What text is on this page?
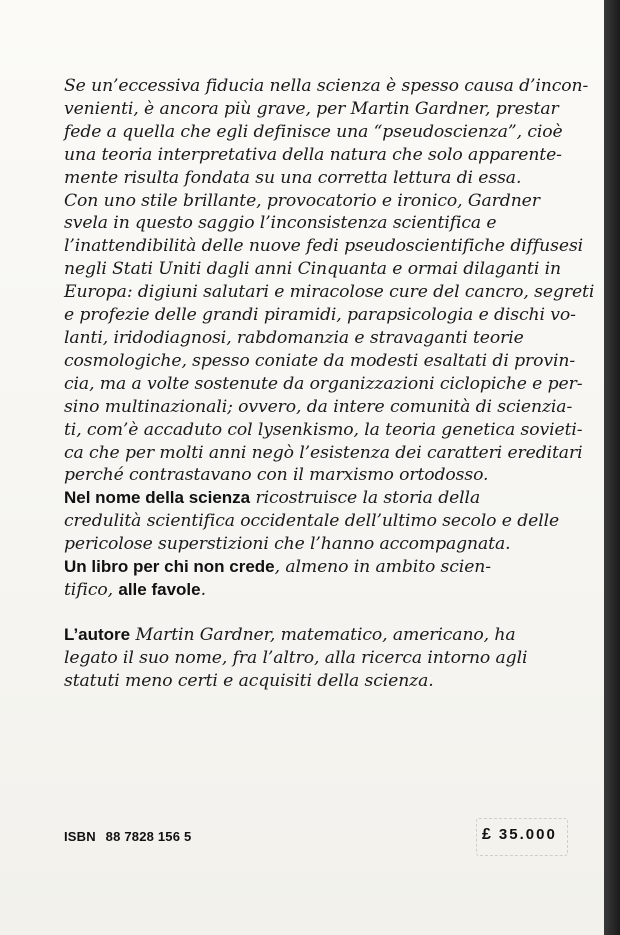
Se un’eccessiva fiducia nella scienza è spesso causa d’incon-
venienti, è ancora più grave, per Martin Gardner, prestar
fede a quella che egli definisce una “pseudoscienza”, cioè
una teoria interpretativa della natura che solo apparente-
mente risulta fondata su una corretta lettura di essa.
Con uno stile brillante, provocatorio e ironico, Gardner
svela in questo saggio l’inconsistenza scientifica e
l’inattendibilità delle nuove fedi pseudoscientifiche diffusesi
negli Stati Uniti dagli anni Cinquanta e ormai dilaganti in
Europa: digiuni salutari e miracolose cure del cancro, segreti
e profezie delle grandi piramidi, parapsicologia e dischi vo-
lanti, iridodiagnosi, rabdomanzia e stravaganti teorie
cosmologiche, spesso coniate da modesti esaltati di provin-
cia, ma a volte sostenute da organizzazioni ciclopiche e per-
sino multinazionali; ovvero, da intere comunità di scienzia-
ti, com’è accaduto col lysenkismo, la teoria genetica sovieti-
ca che per molti anni negò l’esistenza dei caratteri ereditari
perché contrastavano con il marxismo ortodosso.
Nel nome della scienza ricostruisce la storia della
credulità scientifica occidentale dell’ultimo secolo e delle
pericolose superstizioni che l’hanno accompagnata.
Un libro per chi non crede, almeno in ambito scien-
tifico, alle favole.
L’autore Martin Gardner, matematico, americano, ha
legato il suo nome, fra l’altro, alla ricerca intorno agli
statuti meno certi e acquisiti della scienza.
ISBN 88 7828 156 5	£ 35.000
